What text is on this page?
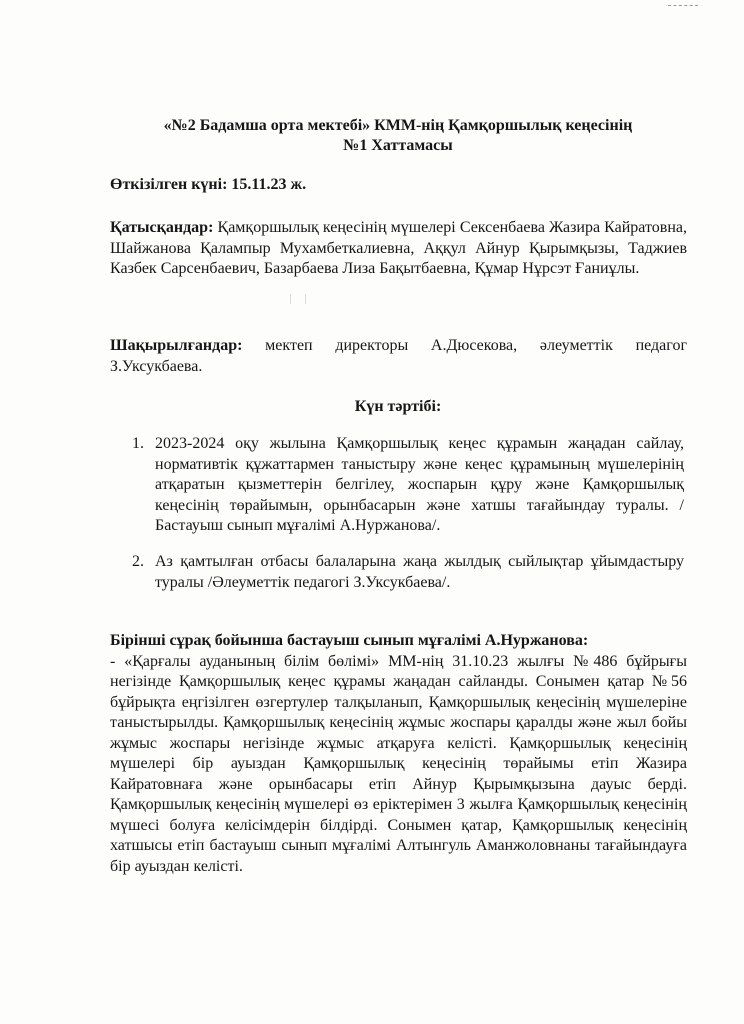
«№2 Бадамша орта мектебі» КММ-нің Қамқоршылық кеңесінің
№1 Хаттамасы
Өткізілген күні: 15.11.23 ж.
Қатысқандар: Қамқоршылық кеңесінің мүшелері Сексенбаева Жазира Кайратовна, Шайжанова Қалампыр Мухамбеткалиевна, Аққул Айнур Қырымқызы, Таджиев Казбек Сарсенбаевич, Базарбаева Лиза Бақытбаевна, Құмар Нұрсэт Ғаниұлы.
Шақырылғандар: мектеп директоры А.Дюсекова, әлеуметтік педагог З.Уксукбаева.
Күн тәртібі:
1. 2023-2024 оқу жылына Қамқоршылық кеңес құрамын жаңадан сайлау, нормативтік құжаттармен таныстыру және кеңес құрамының мүшелерінің атқаратын қызметтерін белгілеу, жоспарын құру және Қамқоршылық кеңесінің төрайымын, орынбасарын және хатшы тағайындау туралы. /Бастауыш сынып мұғалімі А.Нуржанова/.
2. Аз қамтылған отбасы балаларына жаңа жылдық сыйлықтар ұйымдастыру туралы /Әлеуметтік педагогі З.Уксукбаева/.
Бірінші сұрақ бойынша бастауыш сынып мұғалімі А.Нуржанова:
- «Қарғалы ауданының білім бөлімі» ММ-нің 31.10.23 жылғы №486 бұйрығы негізінде Қамқоршылық кеңес құрамы жаңадан сайланды. Сонымен қатар №56 бұйрықта еңгізілген өзгертулер талқыланып, Қамқоршылық кеңесінің мүшелеріне таныстырылды. Қамқоршылық кеңесінің жұмыс жоспары қаралды және жыл бойы жұмыс жоспары негізінде жұмыс атқаруға келісті. Қамқоршылық кеңесінің мүшелері бір ауыздан Қамқоршылық кеңесінің төрайымы етіп Жазира Кайратовнаға және орынбасары етіп Айнур Қырымқызына дауыс берді. Қамқоршылық кеңесінің мүшелері өз еріктерімен 3 жылға Қамқоршылық кеңесінің мүшесі болуға келісімдерін білдірді. Сонымен қатар, Қамқоршылық кеңесінің хатшысы етіп бастауыш сынып мұғалімі Алтынгуль Аманжоловнаны тағайындауға бір ауыздан келісті.
